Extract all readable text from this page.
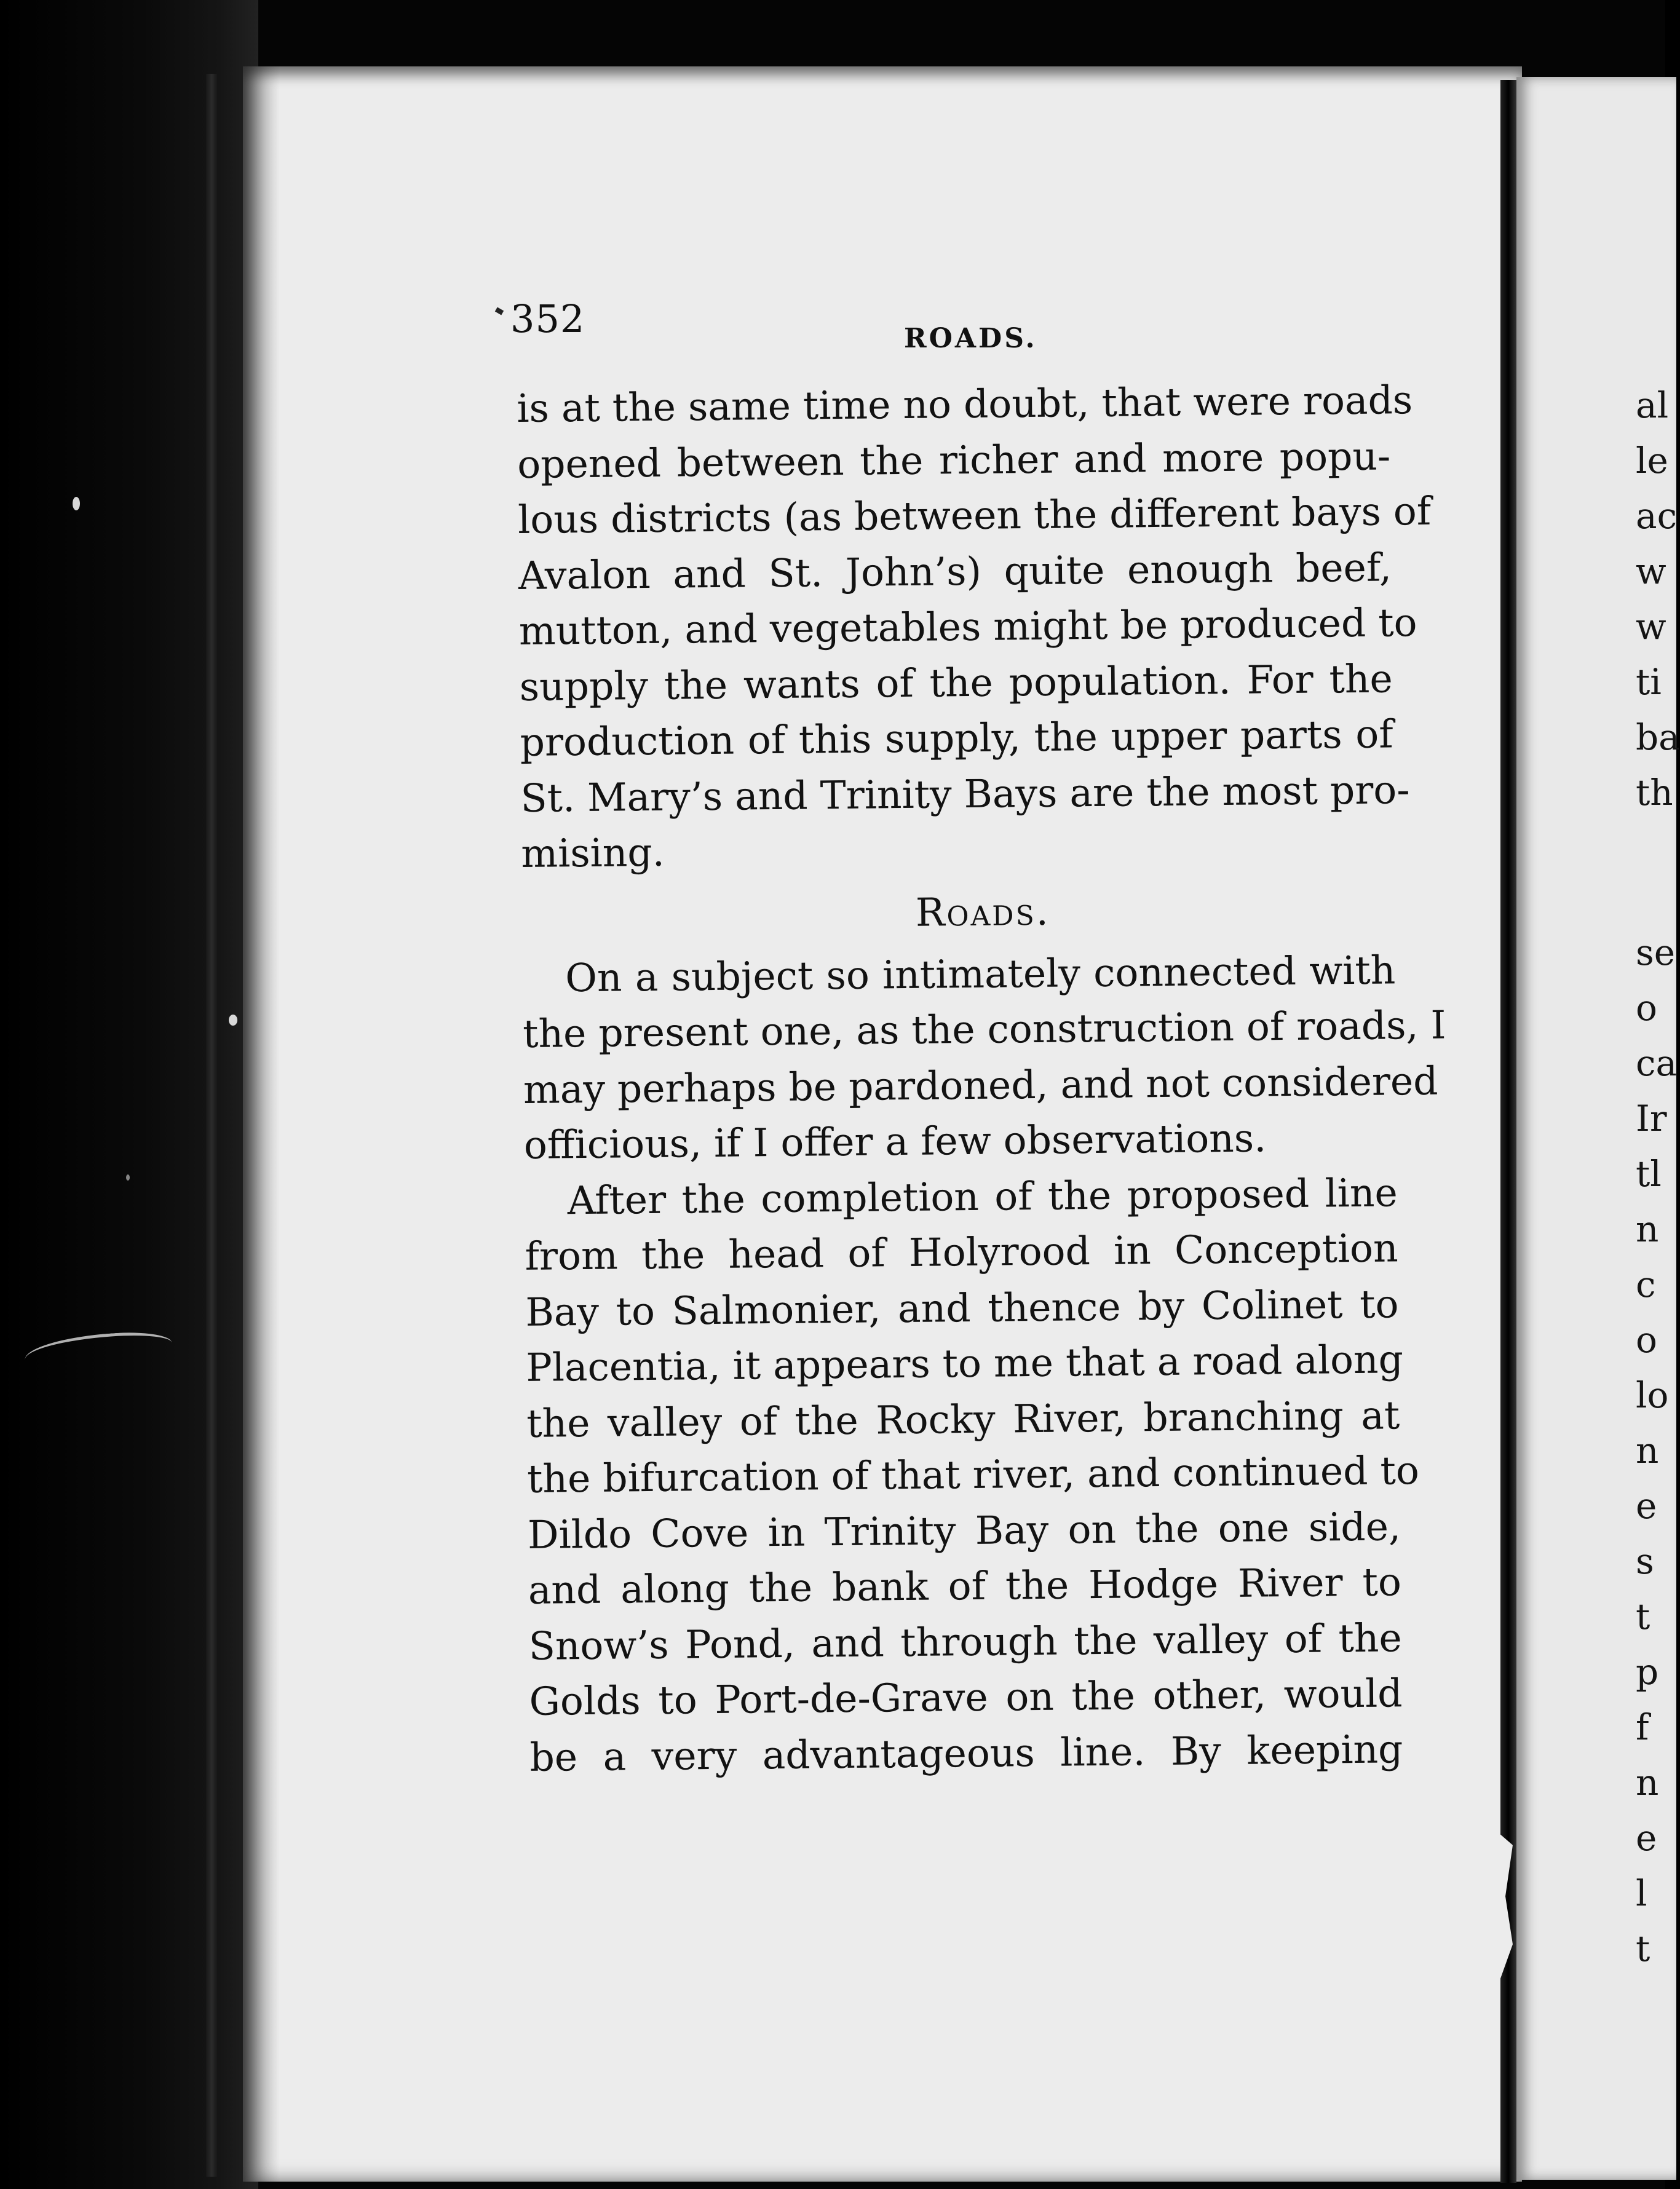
352	ROADS.
is at the same time no doubt, that were roads
opened between the richer and more popu-
lous districts (as between the different bays of
Avalon and St. John’s) quite enough beef,
mutton, and vegetables might be produced to
supply the wants of the population. For the
production of this supply, the upper parts of
St. Mary’s and Trinity Bays are the most pro-
mising.
Roads.
On a subject so intimately connected with
the present one, as the construction of roads, I
may perhaps be pardoned, and not considered
officious, if I offer a few observations.
After the completion of the proposed line
from the head of Holyrood in Conception
Bay to Salmonier, and thence by Colinet to
Placentia, it appears to me that a road along
the valley of the Rocky River, branching at
the bifurcation of that river, and continued to
Dildo Cove in Trinity Bay on the one side,
and along the bank of the Hodge River to
Snow’s Pond, and through the valley of the
Golds to Port-de-Grave on the other, would
be a very advantageous line. By keeping
al
le
ac
w
w
ti
ba
th
se
o
ca
Ir
tl
n
c
o
lo
n
e
s
t
p
f
n
e
l
t
